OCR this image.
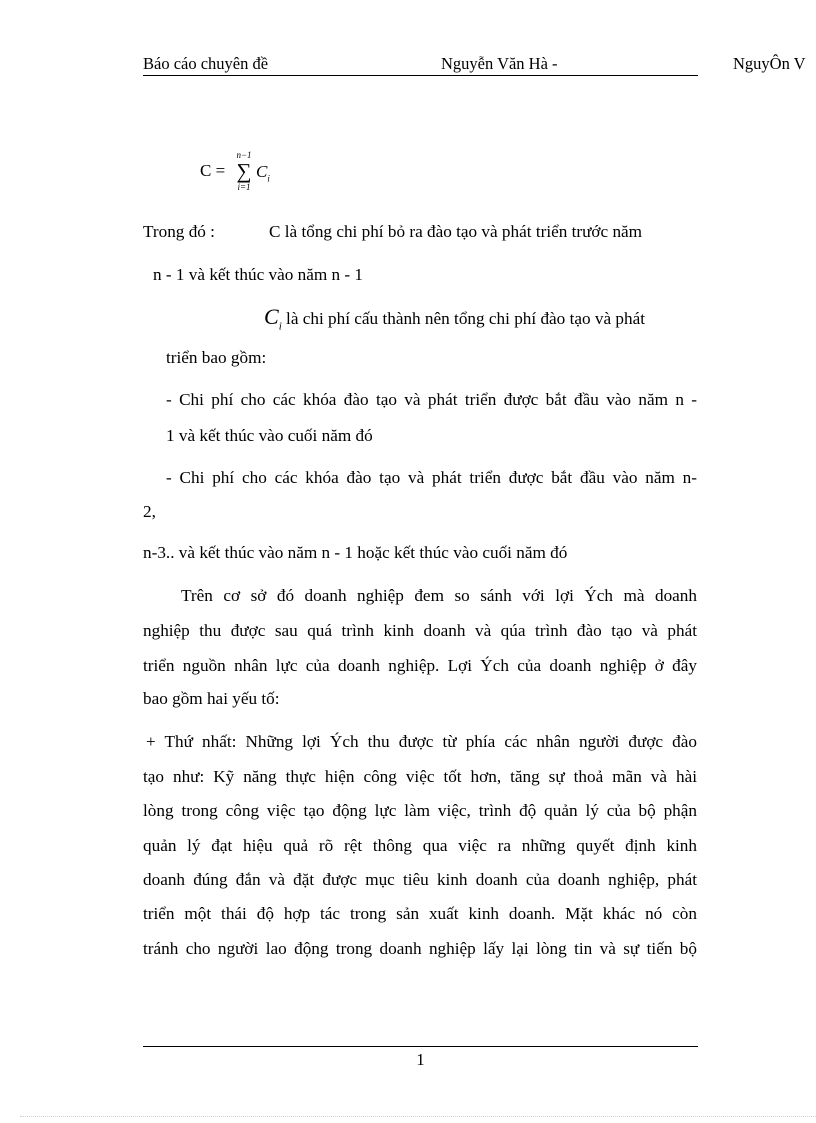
Báo cáo chuyên đề	Nguyễn Văn Hà -	NguyÔn V
C =
n−1
∑
i=1
$C_i$
Trong đó :	C là tổng chi phí bỏ ra đào tạo và phát triển trước năm
n - 1 và kết thúc vào năm n - 1
$C_i$ là chi phí cấu thành nên tổng chi phí đào tạo và phát
triển bao gồm:
- Chi phí cho các khóa đào tạo và phát triển được bắt đầu vào năm n -
1 và kết thúc vào cuối năm đó
- Chi phí cho các khóa đào tạo và phát triển được bắt đầu vào năm n-
2,
n-3.. và kết thúc vào năm n - 1 hoặc kết thúc vào cuối năm đó
Trên cơ sở đó doanh nghiệp đem so sánh với lợi Ých mà doanh
nghiệp thu được sau quá trình kinh doanh và qúa trình đào tạo và phát
triển nguồn nhân lực của doanh nghiệp. Lợi Ých của doanh nghiệp ở đây
bao gồm hai yếu tố:
+ Thứ nhất: Những lợi Ých thu được từ phía các nhân người được đào
tạo như: Kỹ năng thực hiện công việc tốt hơn, tăng sự thoả mãn và hài
lòng trong công việc tạo động lực làm việc, trình độ quản lý của bộ phận
quản lý đạt hiệu quả rõ rệt thông qua việc ra những quyết định kinh
doanh đúng đắn và đặt được mục tiêu kinh doanh của doanh nghiệp, phát
triển một thái độ hợp tác trong sản xuất kinh doanh. Mặt khác nó còn
tránh cho người lao động trong doanh nghiệp lấy lại lòng tin và sự tiến bộ
1
